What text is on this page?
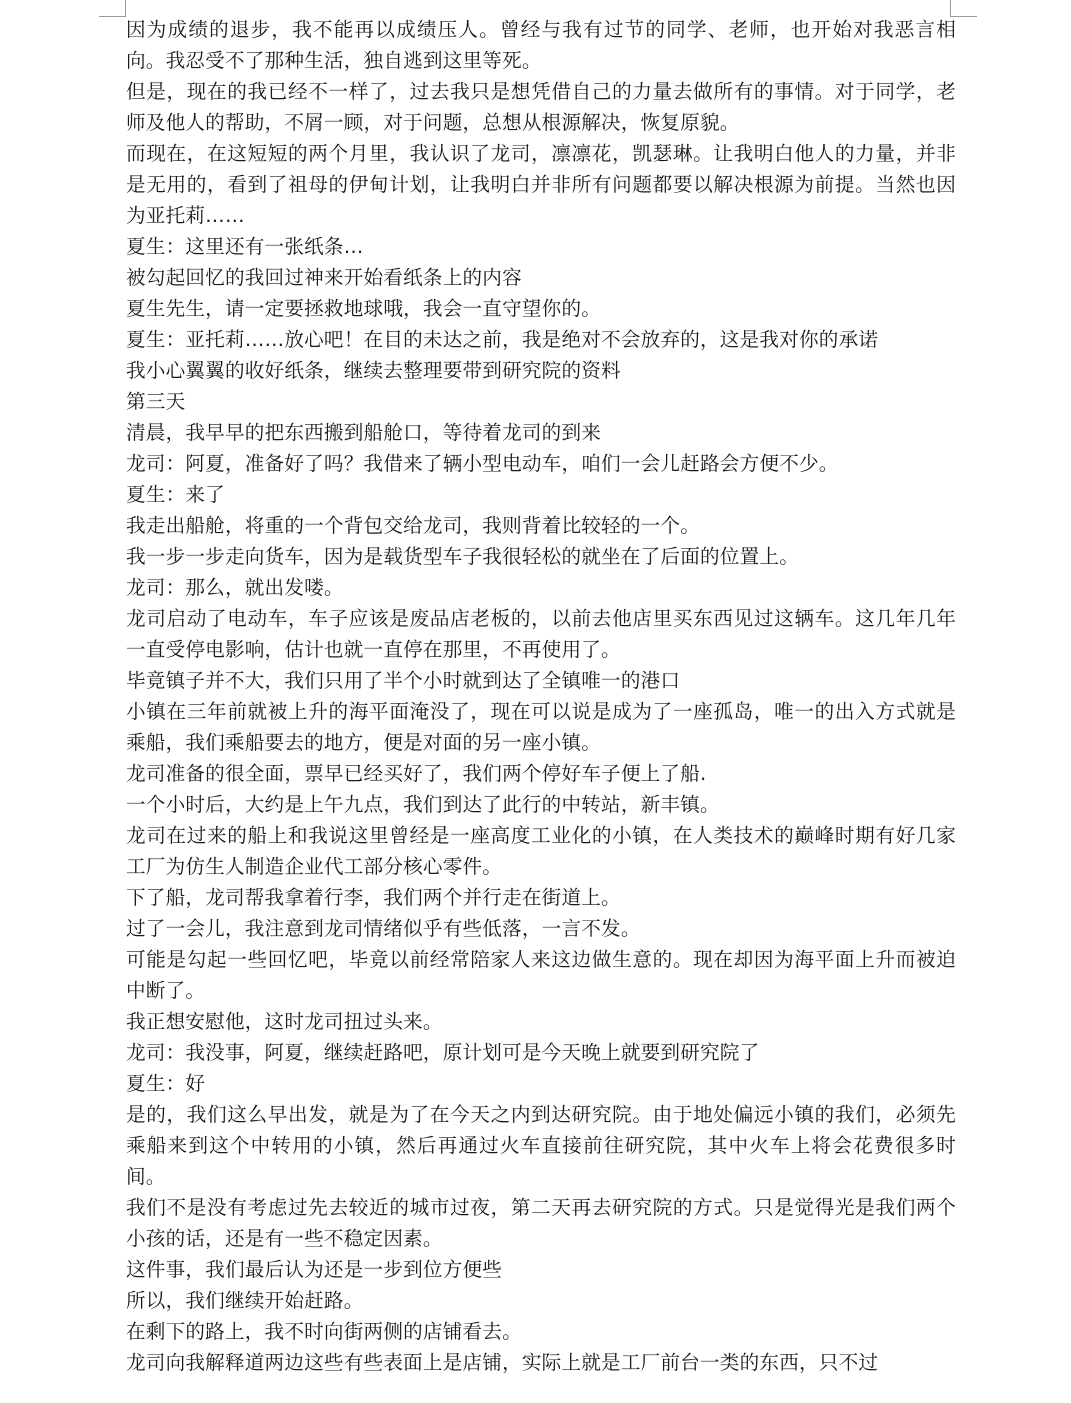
因为成绩的退步，我不能再以成绩压人。曾经与我有过节的同学、老师，也开始对我恶言相向。我忍受不了那种生活，独自逃到这里等死。

但是，现在的我已经不一样了，过去我只是想凭借自己的力量去做所有的事情。对于同学，老师及他人的帮助，不屑一顾，对于问题，总想从根源解决，恢复原貌。

而现在，在这短短的两个月里，我认识了龙司，凛凛花，凯瑟琳。让我明白他人的力量，并非是无用的，看到了祖母的伊甸计划，让我明白并非所有问题都要以解决根源为前提。当然也因为亚托莉……

夏生：这里还有一张纸条…

被勾起回忆的我回过神来开始看纸条上的内容

夏生先生，请一定要拯救地球哦，我会一直守望你的。

夏生：亚托莉……放心吧！在目的未达之前，我是绝对不会放弃的，这是我对你的承诺

我小心翼翼的收好纸条，继续去整理要带到研究院的资料

第三天

清晨，我早早的把东西搬到船舱口，等待着龙司的到来

龙司：阿夏，准备好了吗？我借来了辆小型电动车，咱们一会儿赶路会方便不少。

夏生：来了

我走出船舱，将重的一个背包交给龙司，我则背着比较轻的一个。

我一步一步走向货车，因为是载货型车子我很轻松的就坐在了后面的位置上。

龙司：那么，就出发喽。

龙司启动了电动车，车子应该是废品店老板的，以前去他店里买东西见过这辆车。这几年几年一直受停电影响，估计也就一直停在那里，不再使用了。

毕竟镇子并不大，我们只用了半个小时就到达了全镇唯一的港口

小镇在三年前就被上升的海平面淹没了，现在可以说是成为了一座孤岛，唯一的出入方式就是乘船，我们乘船要去的地方，便是对面的另一座小镇。

龙司准备的很全面，票早已经买好了，我们两个停好车子便上了船.

一个小时后，大约是上午九点，我们到达了此行的中转站，新丰镇。

龙司在过来的船上和我说这里曾经是一座高度工业化的小镇，在人类技术的巅峰时期有好几家工厂为仿生人制造企业代工部分核心零件。

下了船，龙司帮我拿着行李，我们两个并行走在街道上。

过了一会儿，我注意到龙司情绪似乎有些低落，一言不发。

可能是勾起一些回忆吧，毕竟以前经常陪家人来这边做生意的。现在却因为海平面上升而被迫中断了。

我正想安慰他，这时龙司扭过头来。

龙司：我没事，阿夏，继续赶路吧，原计划可是今天晚上就要到研究院了

夏生：好

是的，我们这么早出发，就是为了在今天之内到达研究院。由于地处偏远小镇的我们，必须先乘船来到这个中转用的小镇，然后再通过火车直接前往研究院，其中火车上将会花费很多时间。

我们不是没有考虑过先去较近的城市过夜，第二天再去研究院的方式。只是觉得光是我们两个小孩的话，还是有一些不稳定因素。

这件事，我们最后认为还是一步到位方便些

所以，我们继续开始赶路。

在剩下的路上，我不时向街两侧的店铺看去。

龙司向我解释道两边这些有些表面上是店铺，实际上就是工厂前台一类的东西，只不过
